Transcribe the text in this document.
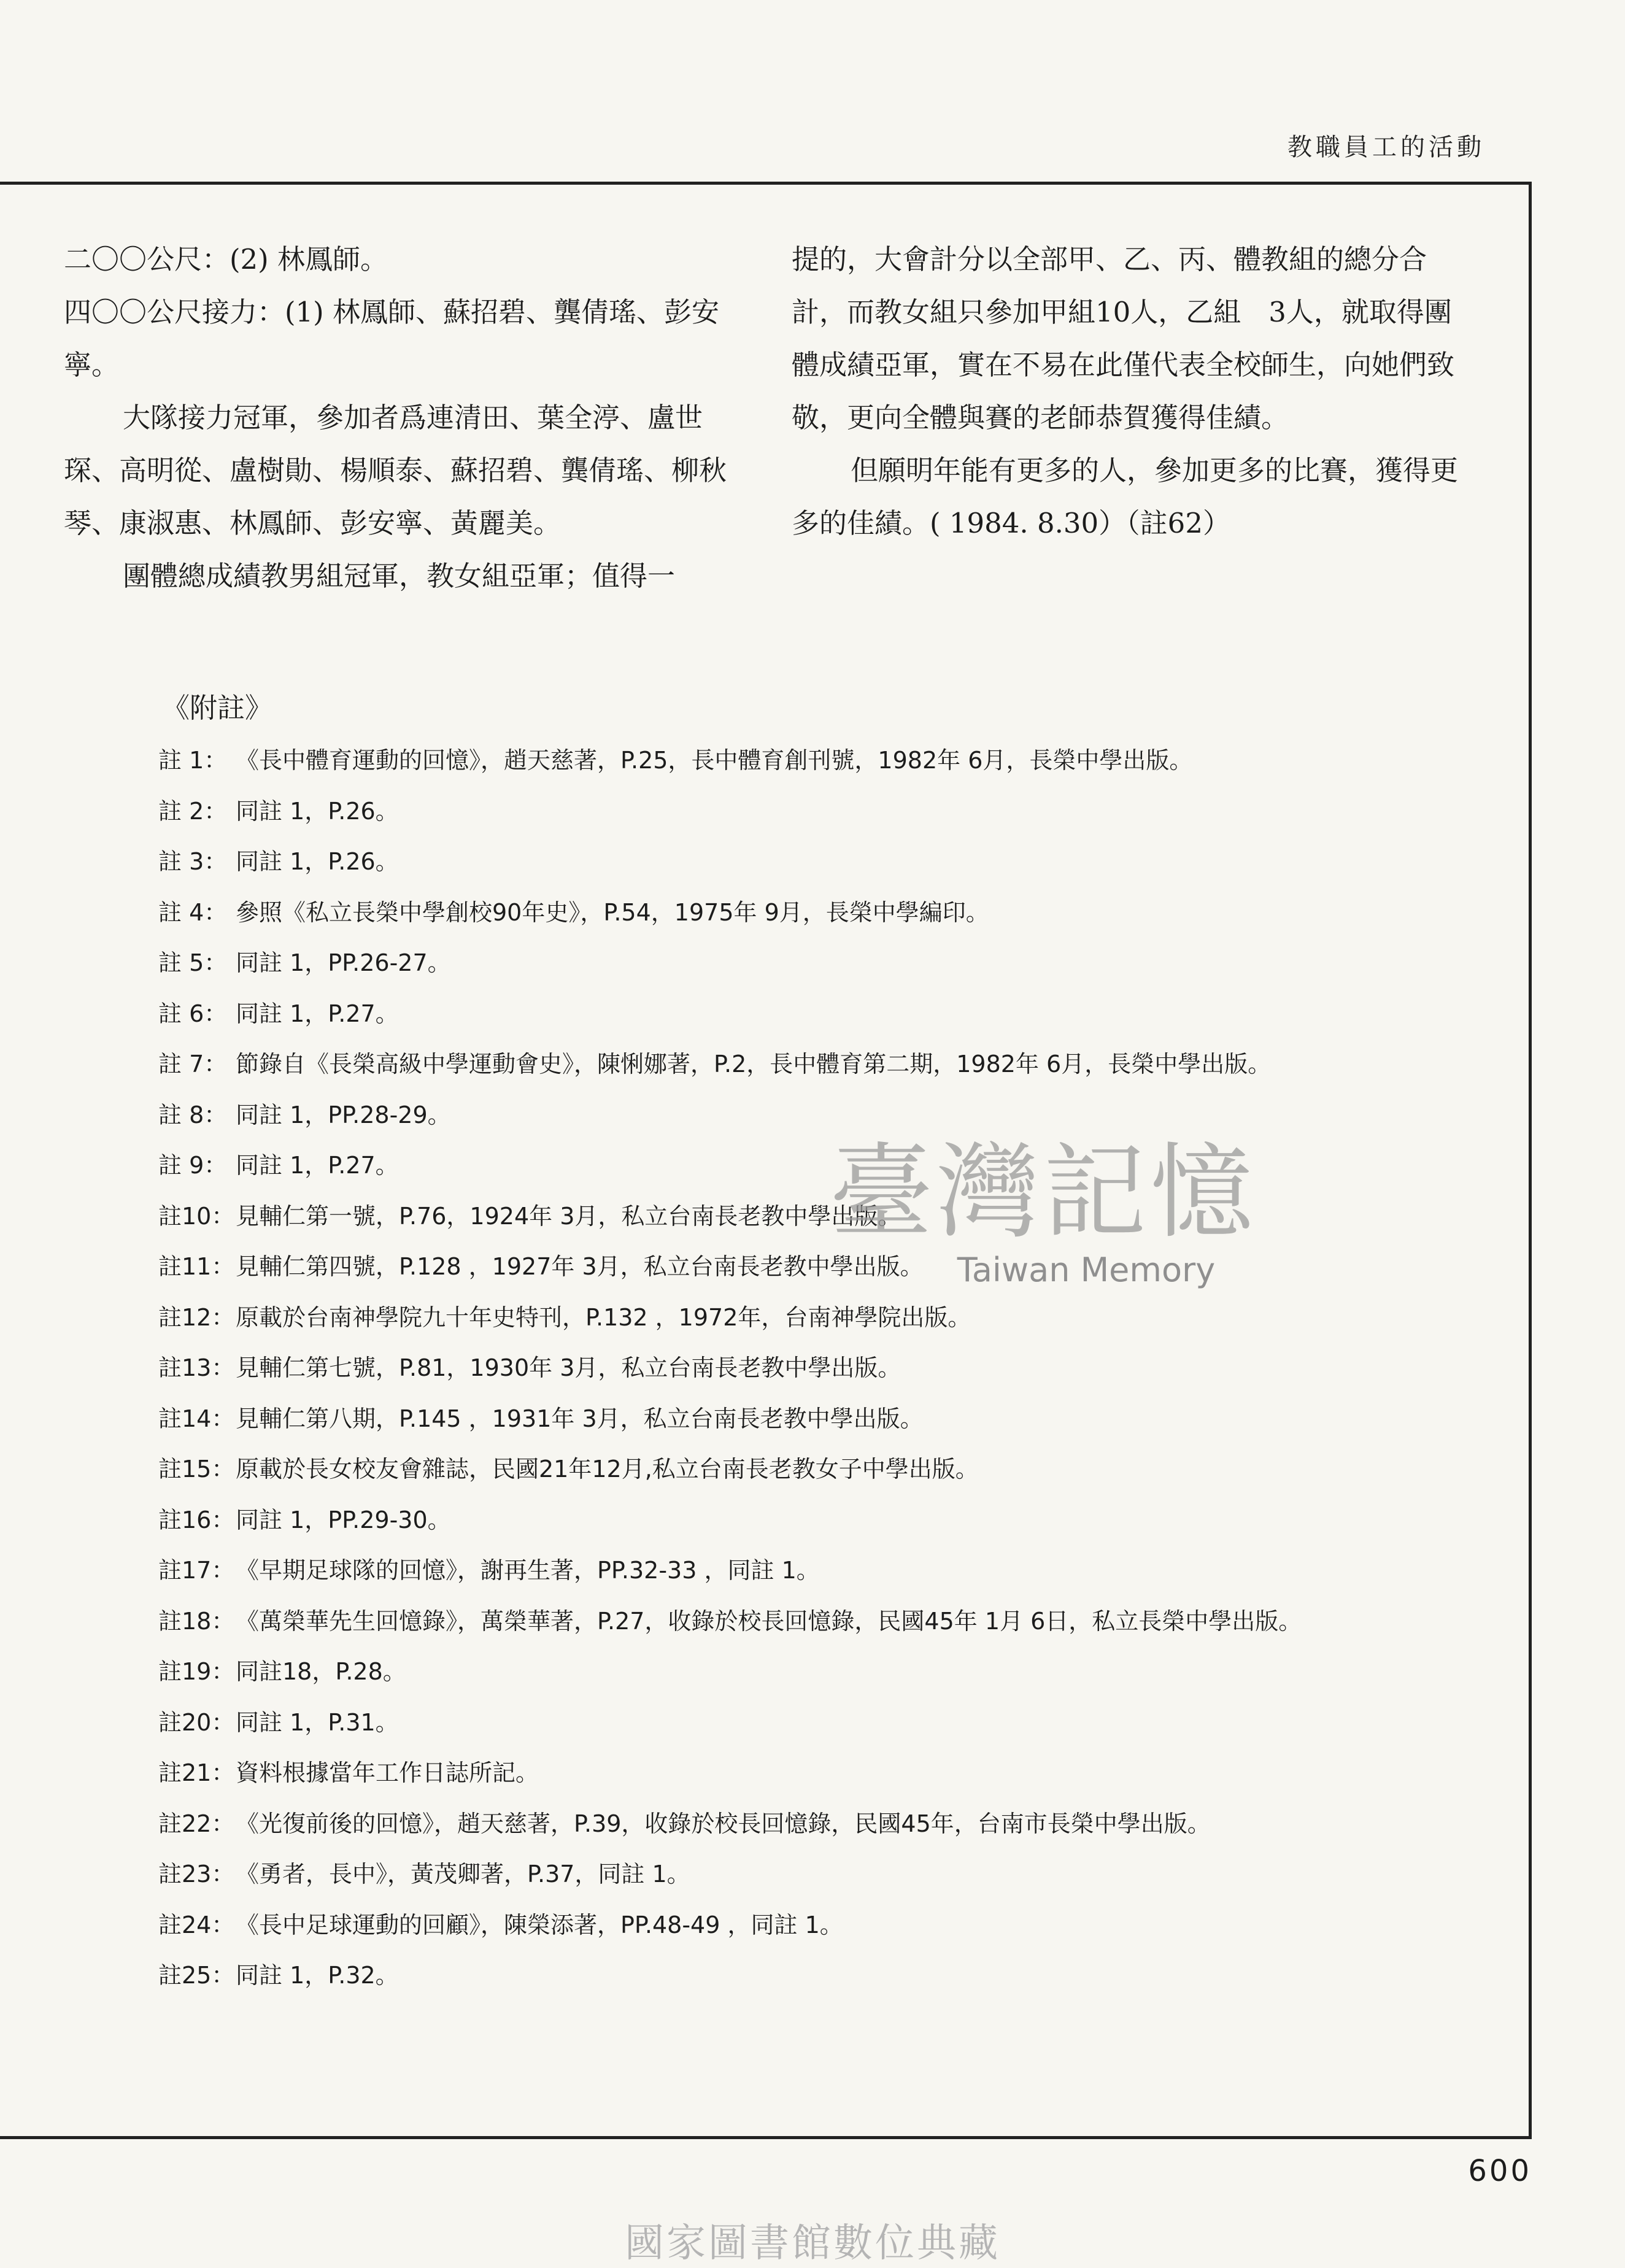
教職員工的活動

二〇〇公尺：(2) 林鳳師。

四〇〇公尺接力：(1) 林鳳師、蘇招碧、龔倩瑤、彭安寧。

大隊接力冠軍，參加者爲連清田、葉全渟、盧世琛、高明從、盧樹勛、楊順泰、蘇招碧、龔倩瑤、柳秋琴、康淑惠、林鳳師、彭安寧、黃麗美。

團體總成績教男組冠軍，教女組亞軍；值得一

提的，大會計分以全部甲、乙、丙、體教組的總分合計，而教女組只參加甲組10人，乙組　3人，就取得團體成績亞軍，實在不易在此僅代表全校師生，向她們致敬，更向全體與賽的老師恭賀獲得佳績。

但願明年能有更多的人，參加更多的比賽，獲得更多的佳績。( 1984. 8.30）（註62）

《附註》
註 1： 《長中體育運動的回憶》，趙天慈著，P.25，長中體育創刊號，1982年 6月，長榮中學出版。
註 2： 同註 1，P.26。
註 3： 同註 1，P.26。
註 4： 參照《私立長榮中學創校90年史》，P.54，1975年 9月，長榮中學編印。
註 5： 同註 1，PP.26-27。
註 6： 同註 1，P.27。
註 7： 節錄自《長榮高級中學運動會史》，陳悧娜著，P.2，長中體育第二期，1982年 6月，長榮中學出版。
註 8： 同註 1，PP.28-29。
註 9： 同註 1，P.27。
註10： 見輔仁第一號，P.76，1924年 3月，私立台南長老教中學出版。
註11： 見輔仁第四號，P.128 ，1927年 3月，私立台南長老教中學出版。
註12： 原載於台南神學院九十年史特刊，P.132 ，1972年，台南神學院出版。
註13： 見輔仁第七號，P.81，1930年 3月，私立台南長老教中學出版。
註14： 見輔仁第八期，P.145 ，1931年 3月，私立台南長老教中學出版。
註15： 原載於長女校友會雜誌，民國21年12月,私立台南長老教女子中學出版。
註16： 同註 1，PP.29-30。
註17： 《早期足球隊的回憶》，謝再生著，PP.32-33 ，同註 1。
註18： 《萬榮華先生回憶錄》，萬榮華著，P.27，收錄於校長回憶錄，民國45年 1月 6日，私立長榮中學出版。
註19： 同註18，P.28。
註20： 同註 1，P.31。
註21： 資料根據當年工作日誌所記。
註22： 《光復前後的回憶》，趙天慈著，P.39，收錄於校長回憶錄，民國45年，台南市長榮中學出版。
註23： 《勇者，長中》，黃茂卿著，P.37，同註 1。
註24： 《長中足球運動的回顧》，陳榮添著，PP.48-49 ，同註 1。
註25： 同註 1，P.32。
臺灣記憶
Taiwan Memory
600
國家圖書館數位典藏
